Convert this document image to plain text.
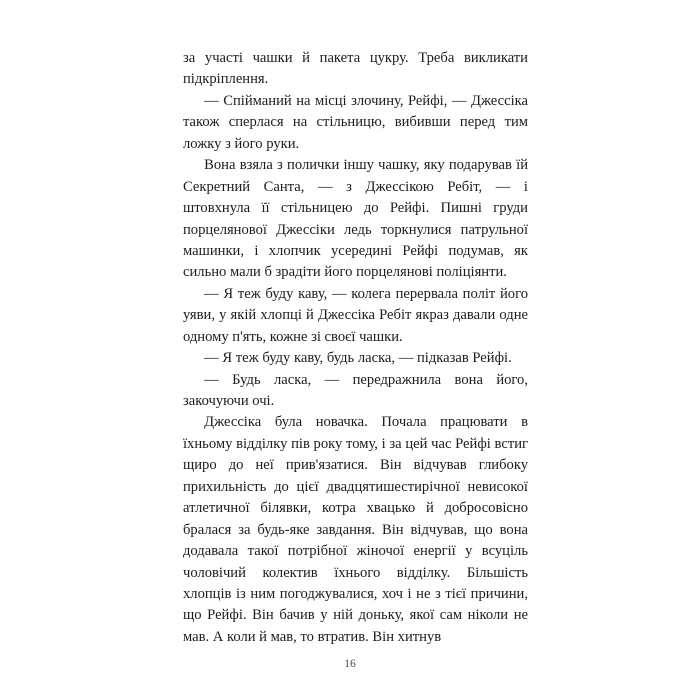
за участі чашки й пакета цукру. Треба викликати підкріплення.

— Спійманий на місці злочину, Рейфі, — Джессіка також сперлася на стільницю, вибивши перед тим ложку з його руки.

Вона взяла з полички іншу чашку, яку подарував їй Секретний Санта, — з Джессікою Ребіт, — і штовхнула її стільницею до Рейфі. Пишні груди порцелянової Джессіки ледь торкнулися патрульної машинки, і хлопчик усередині Рейфі подумав, як сильно мали б зрадіти його порцелянові поліціянти.

— Я теж буду каву, — колега перервала політ його уяви, у якій хлопці й Джессіка Ребіт якраз давали одне одному п'ять, кожне зі своєї чашки.

— Я теж буду каву, будь ласка, — підказав Рейфі.

— Будь ласка, — передражнила вона його, закочуючи очі.

Джессіка була новачка. Почала працювати в їхньому відділку пів року тому, і за цей час Рейфі встиг щиро до неї прив'язатися. Він відчував глибоку прихильність до цієї двадцятишестирічної невисокої атлетичної білявки, котра хвацько й добросовісно бралася за будь-яке завдання. Він відчував, що вона додавала такої потрібної жіночої енергії у всуціль чоловічий колектив їхнього відділку. Більшість хлопців із ним погоджувалися, хоч і не з тієї причини, що Рейфі. Він бачив у ній доньку, якої сам ніколи не мав. А коли й мав, то втратив. Він хитнув

16
